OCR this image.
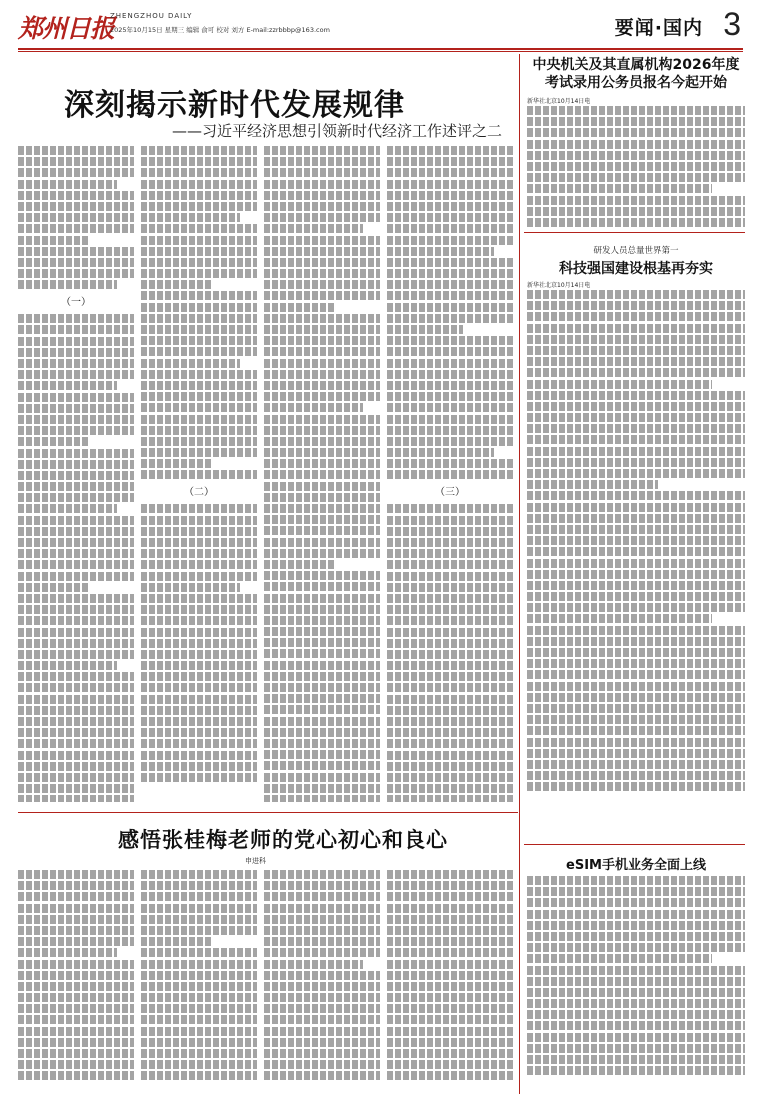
郑州日报
ZHENGZHOU DAILY
2025年10月15日 星期三 编辑 俞可 校对 刘方 E-mail:zzrbbbp@163.com	要闻·国内 3
深刻揭示新时代发展规律
——习近平经济思想引领新时代经济工作述评之二
（一）
（二）	（三）
中央机关及其直属机构2026年度考试录用公务员报名今起开始
新华社北京10月14日电
研发人员总量世界第一
科技强国建设根基再夯实
新华社北京10月14日电
感悟张桂梅老师的党心初心和良心
申进科	eSIM手机业务全面上线
